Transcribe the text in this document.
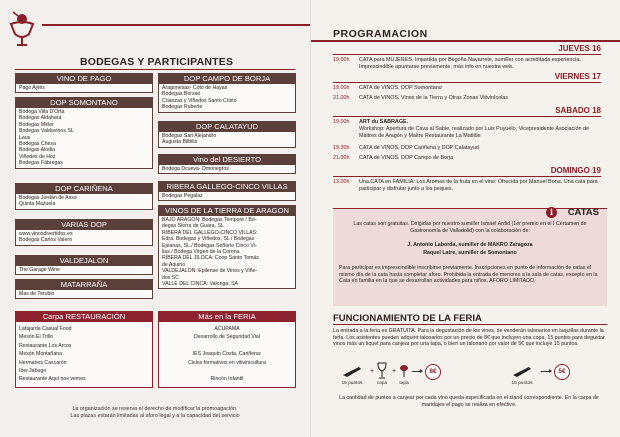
BODEGAS Y PARTICIPANTES
VINO DE PAGO
Pago Aylés
DOP SOMONTANO
Bodega Villa D'Orta
Bodegas Aldahara
Bodegas Meler
Bodegas Valdovinos SL
Laus
Bodegas Chesa
Bodegas Alodia
Viñedos de Hoz
Bodegas Fábregas
DOP CARIÑENA
Bodegas Jordán de Asso
Quinta Mazuela
VARIAS DOP
www.vinosdivertidos.es
Bodegas Carlos Valero
VALDEJALON
The Garage Wine
MATARRAÑA
Mas de Torubio
DOP CAMPO DE BORJA
Aragonesas- Coto de Hayas
Bodegas Borsao
Crianzas y Viñedos Santo Cristo
Bodegas Ruberte
DOP CALATAYUD
Bodegas San Alejandro
Augusta Bilbilis
Vino del DESIERTO
Bodega Dcueva- Dmonegros
RIBERA GALLEGO-CINCO VILLAS
Bodegas Pegalaz
VINOS DE LA TIERRA DE ARAGON
BAJO ARAGÓN: Bodegas Tempore / Bo-
degas Sierra de Guara, SL
RIBERA DEL GALLEGO-CINCO VILLAS:
Edra. Bodegas y Viñedos, SL / Bodegas
Ejeanas, SL / Bodegas Señorío Cinco Vi-
llas / Bodega Virgen de la Corona
RIBERA DEL JILOCA: Coop Santo Tomás
de Aquino
VALDEJALÓN: Epilense de Vinos y Viñe-
dos SC
VALLE DEL CINCA: Valonga, SA
Carpa RESTAURACIÓN
Lafajarda Casual Food
Mesón El Trillo
Restaurante Los Arcos
Mesón Montañana
Hermanos Cascarón
Iber.Jabugo
Restaurante Aquí nos vemos
Más en la FERIA
ACUPAMA
Desarrollo de Seguridad Vial

IES Joaquín Costa, Cariñena:
Ciclos formativos en vitivinicultura

Rincón Infantil
La organización se reserva el derecho de modificar la promoagación.
Las plazas estarán limitadas al aforo legal y a la capacidad del servicio
PROGRAMACION
JUEVES 16
19.00h	CATA para MUJERES. Impartida por Begoña Navarrete, sumiller con acreditada experiencia. Imprescindible apuntarse previamente, más info en nuestra web.
VIERNES 17
19.00h	CATA de VINOS. DOP Somontano
21.00h	CATA de VINOS. Vinos de la Tierra y Otras Zonas Vitivinícolas
SABADO 18
19.00h	ART du SABRAGE.
Workshop: Apertura de Cava al Sable, realizado por Luis Puyuelo, Vicepresidente Asociación de Maitres de Aragón y Maitre Restaurante La Matilde
19.30h	CATA de VINOS. DOP Cariñena y DOP Calatayud
21.00h	CATA de VINOS. DOP Campo de Borja
DOMINGO 19
13.00h	Una CATA en FAMILIA: Los Aromas de la fruta en el vino: Ofrecida por Manuel Bona. Una cata para participar y disfrutar junto a los peques.
i	CATAS
Las catas son gratuitas. Dirigidas por nuestro sumiller Ismael Ardid (1er premio en el I Certamen de Gastronomía de Valladolid) con la colaboración de:
J. Antonio Laborda, sumiller de MAKRO Zaragoza
Raquel Latre, sumiller de Somontano
Para participar es imprescindible inscribirse previamente. Inscripciones en punto de información de catas el mismo día de la cata hasta completar aforo. Prohibida la entrada de menores a la sala de catas, excepto en la Cata en familia en la que se desarrollan actividades para niños. AFORO LIMITADO.
FUNCIONAMIENTO DE LA FERIA
La entrada a la feria es GRATUITA. Para la degustación de los vinos, se venderán talonarios en taquillas durante la feria. Los asistentes pueden adquirir talonarios por un precio de 8€ que incluyen una copa, 15 puntos para degustar vinos más un tiquet para canjear por una tapa, o bien un talonario por valor de 5€ que incluye 15 puntos.
15 puntos
+
copa
+
tapa
8€
15 puntos
5€
La cantidad de puntos a canjear por cada vino queda especificada en el stand correspondiente. En la carpa de maridajes el pago se realiza en efectivo.
